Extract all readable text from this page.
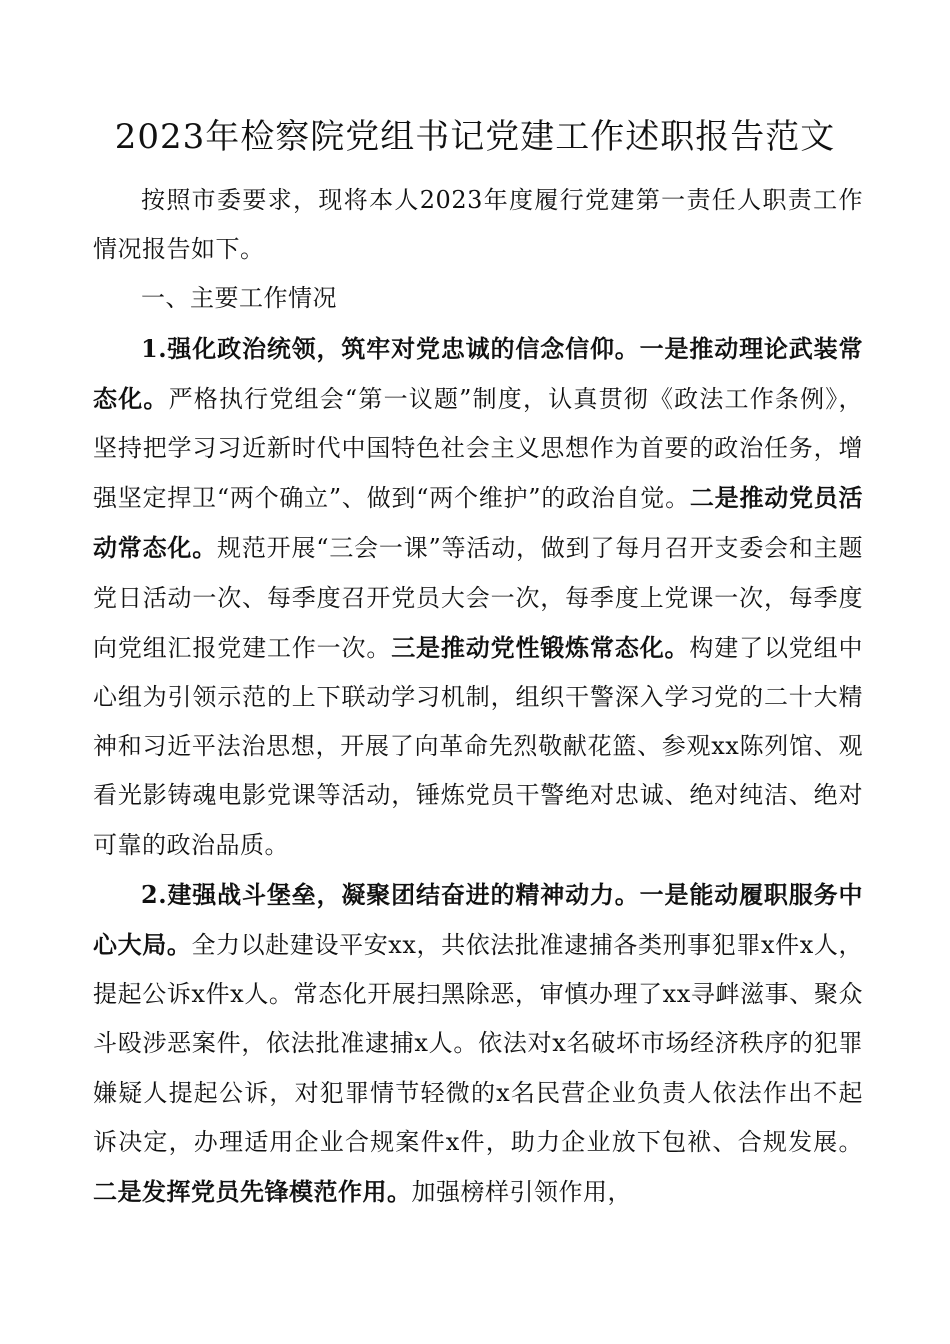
2023年检察院党组书记党建工作述职报告范文

按照市委要求，现将本人2023年度履行党建第一责任人职责工作情况报告如下。

一、主要工作情况

1.强化政治统领，筑牢对党忠诚的信念信仰。一是推动理论武装常态化。严格执行党组会“第一议题”制度，认真贯彻《政法工作条例》，坚持把学习习近新时代中国特色社会主义思想作为首要的政治任务，增强坚定捍卫“两个确立”、做到“两个维护”的政治自觉。二是推动党员活动常态化。规范开展“三会一课”等活动，做到了每月召开支委会和主题党日活动一次、每季度召开党员大会一次，每季度上党课一次，每季度向党组汇报党建工作一次。三是推动党性锻炼常态化。构建了以党组中心组为引领示范的上下联动学习机制，组织干警深入学习党的二十大精神和习近平法治思想，开展了向革命先烈敬献花篮、参观xx陈列馆、观看光影铸魂电影党课等活动，锤炼党员干警绝对忠诚、绝对纯洁、绝对可靠的政治品质。

2.建强战斗堡垒，凝聚团结奋进的精神动力。一是能动履职服务中心大局。全力以赴建设平安xx，共依法批准逮捕各类刑事犯罪x件x人，提起公诉x件x人。常态化开展扫黑除恶，审慎办理了xx寻衅滋事、聚众斗殴涉恶案件，依法批准逮捕x人。依法对x名破坏市场经济秩序的犯罪嫌疑人提起公诉，对犯罪情节轻微的x名民营企业负责人依法作出不起诉决定，办理适用企业合规案件x件，助力企业放下包袱、合规发展。二是发挥党员先锋模范作用。加强榜样引领作用，
